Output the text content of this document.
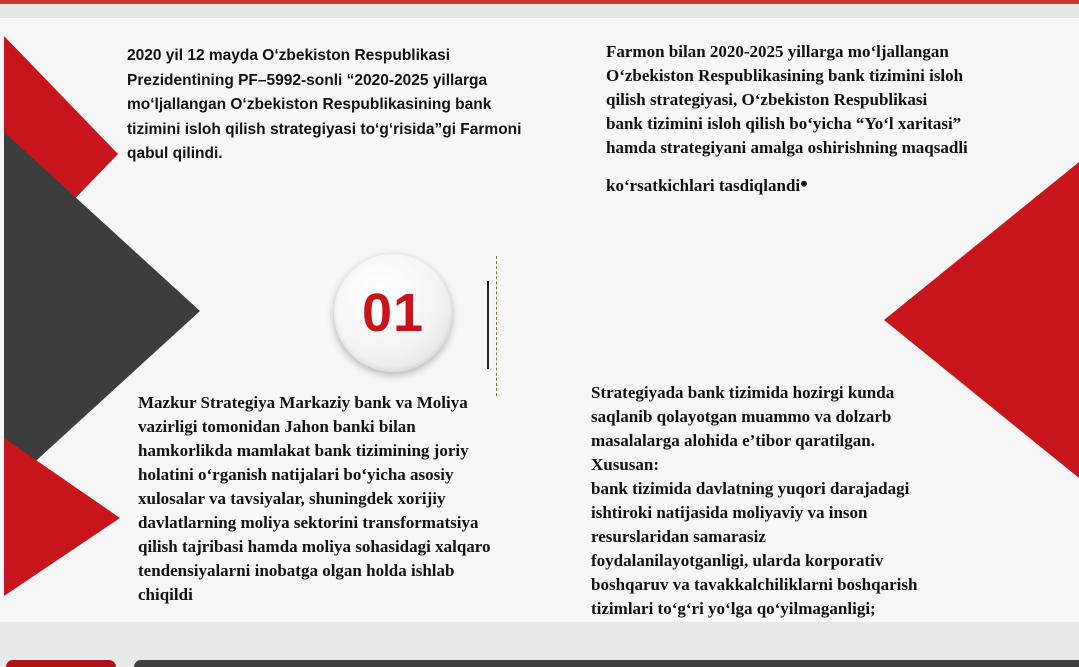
2020 yil 12 mayda O‘zbekiston Respublikasi
Prezidentining PF–5992-sonli “2020-2025 yillarga
mo‘ljallangan O‘zbekiston Respublikasining bank
tizimini isloh qilish strategiyasi to‘g‘risida”gi Farmoni
qabul qilindi.
Farmon bilan 2020-2025 yillarga mo‘ljallangan
O‘zbekiston Respublikasining bank tizimini isloh
qilish strategiyasi, O‘zbekiston Respublikasi
bank tizimini isloh qilish bo‘yicha “Yo‘l xaritasi”
hamda strategiyani amalga oshirishning maqsadli
ko‘rsatkichlari tasdiqlandi•
01
Mazkur Strategiya Markaziy bank va Moliya
vazirligi tomonidan Jahon banki bilan
hamkorlikda mamlakat bank tizimining joriy
holatini o‘rganish natijalari bo‘yicha asosiy
xulosalar va tavsiyalar, shuningdek xorijiy
davlatlarning moliya sektorini transformatsiya
qilish tajribasi hamda moliya sohasidagi xalqaro
tendensiyalarni inobatga olgan holda ishlab
chiqildi
Strategiyada bank tizimida hozirgi kunda
saqlanib qolayotgan muammo va dolzarb
masalalarga alohida e’tibor qaratilgan.
Xususan:
bank tizimida davlatning yuqori darajadagi
ishtiroki natijasida moliyaviy va inson
resurslaridan samarasiz
foydalanilayotganligi, ularda korporativ
boshqaruv va tavakkalchiliklarni boshqarish
tizimlari to‘g‘ri yo‘lga qo‘yilmaganligi;
